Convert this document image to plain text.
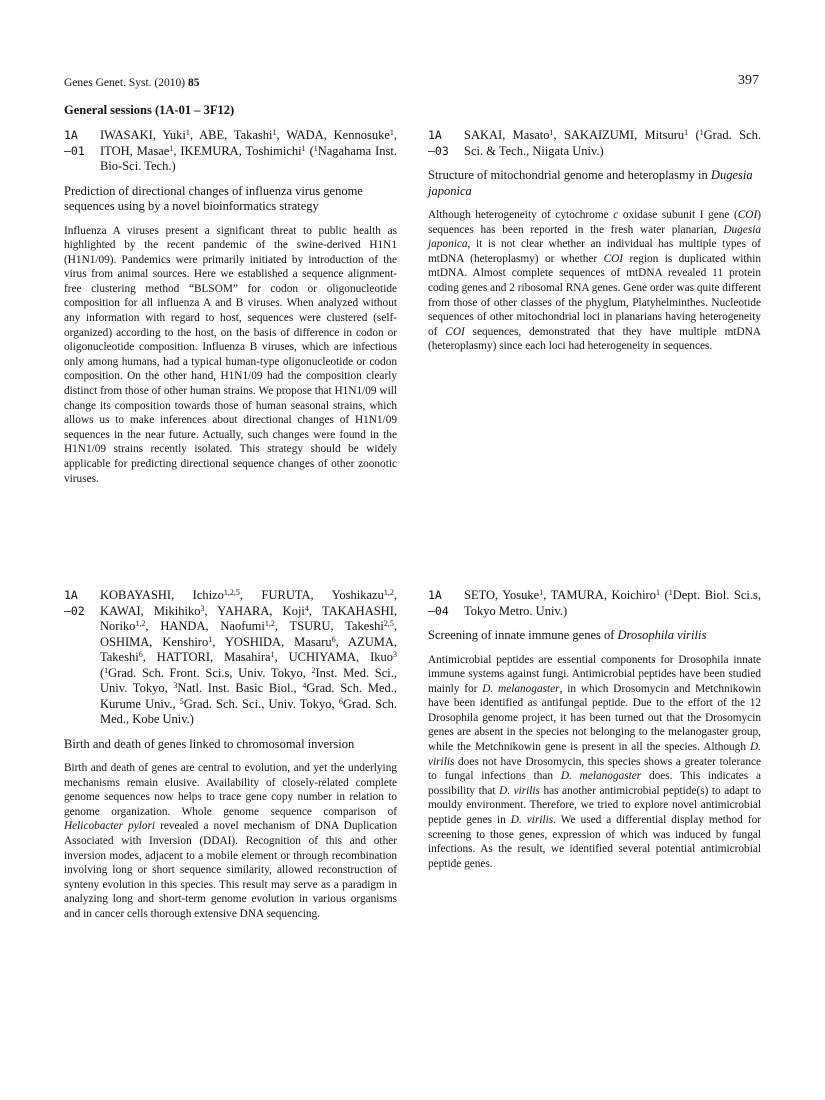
Genes Genet. Syst. (2010) 85	397
General sessions (1A-01 – 3F12)
1A
–01
IWASAKI, Yuki$^1$, ABE, Takashi$^1$, WADA, Kennosuke$^1$, ITOH, Masae$^1$, IKEMURA, Toshimichi$^1$ ($^1$Nagahama Inst. Bio-Sci. Tech.)
Prediction of directional changes of influenza virus genome sequences using by a novel bioinformatics strategy
Influenza A viruses present a significant threat to public health as highlighted by the recent pandemic of the swine-derived H1N1 (H1N1/09). Pandemics were primarily initiated by introduction of the virus from animal sources. Here we established a sequence alignment-free clustering method “BLSOM” for codon or oligonucleotide composition for all influenza A and B viruses. When analyzed without any information with regard to host, sequences were clustered (self-organized) according to the host, on the basis of difference in codon or oligonucleotide composition. Influenza B viruses, which are infectious only among humans, had a typical human-type oligonucleotide or codon composition. On the other hand, H1N1/09 had the composition clearly distinct from those of other human strains. We propose that H1N1/09 will change its composition towards those of human seasonal strains, which allows us to make inferences about directional changes of H1N1/09 sequences in the near future. Actually, such changes were found in the H1N1/09 strains recently isolated. This strategy should be widely applicable for predicting directional sequence changes of other zoonotic viruses.
1A
–03
SAKAI, Masato$^1$, SAKAIZUMI, Mitsuru$^1$ ($^1$Grad. Sch. Sci. & Tech., Niigata Univ.)
Structure of mitochondrial genome and heteroplasmy in Dugesia japonica
Although heterogeneity of cytochrome c oxidase subunit I gene (COI) sequences has been reported in the fresh water planarian, Dugesia japonica, it is not clear whether an individual has multiple types of mtDNA (heteroplasmy) or whether COI region is duplicated within mtDNA. Almost complete sequences of mtDNA revealed 11 protein coding genes and 2 ribosomal RNA genes. Gene order was quite different from those of other classes of the phyglum, Platyhelminthes. Nucleotide sequences of other mitochondrial loci in planarians having heterogeneity of COI sequences, demonstrated that they have multiple mtDNA (heteroplasmy) since each loci had heterogeneity in sequences.
1A
–02
KOBAYASHI, Ichizo$^{1,2,5}$, FURUTA, Yoshikazu$^{1,2}$, KAWAI, Mikihiko$^3$, YAHARA, Koji$^4$, TAKAHASHI, Noriko$^{1,2}$, HANDA, Naofumi$^{1,2}$, TSURU, Takeshi$^{2,5}$, OSHIMA, Kenshiro$^1$, YOSHIDA, Masaru$^6$, AZUMA, Takeshi$^6$, HATTORI, Masahira$^1$, UCHIYAMA, Ikuo$^3$ ($^1$Grad. Sch. Front. Sci.s, Univ. Tokyo, $^2$Inst. Med. Sci., Univ. Tokyo, $^3$Natl. Inst. Basic Biol., $^4$Grad. Sch. Med., Kurume Univ., $^5$Grad. Sch. Sci., Univ. Tokyo, $^6$Grad. Sch. Med., Kobe Univ.)
Birth and death of genes linked to chromosomal inversion
Birth and death of genes are central to evolution, and yet the underlying mechanisms remain elusive. Availability of closely-related complete genome sequences now helps to trace gene copy number in relation to genome organization. Whole genome sequence comparison of Helicobacter pylori revealed a novel mechanism of DNA Duplication Associated with Inversion (DDAI). Recognition of this and other inversion modes, adjacent to a mobile element or through recombination involving long or short sequence similarity, allowed reconstruction of synteny evolution in this species. This result may serve as a paradigm in analyzing long and short-term genome evolution in various organisms and in cancer cells thorough extensive DNA sequencing.
1A
–04
SETO, Yosuke$^1$, TAMURA, Koichiro$^1$ ($^1$Dept. Biol. Sci.s, Tokyo Metro. Univ.)
Screening of innate immune genes of Drosophila virilis
Antimicrobial peptides are essential components for Drosophila innate immune systems against fungi. Antimicrobial peptides have been studied mainly for D. melanogaster, in which Drosomycin and Metchnikowin have been identified as antifungal peptide. Due to the effort of the 12 Drosophila genome project, it has been turned out that the Drosomycin genes are absent in the species not belonging to the melanogaster group, while the Metchnikowin gene is present in all the species. Although D. virilis does not have Drosomycin, this species shows a greater tolerance to fungal infections than D. melanogaster does. This indicates a possibility that D. virilis has another antimicrobial peptide(s) to adapt to mouldy environment. Therefore, we tried to explore novel antimicrobial peptide genes in D. virilis. We used a differential display method for screening to those genes, expression of which was induced by fungal infections. As the result, we identified several potential antimicrobial peptide genes.
